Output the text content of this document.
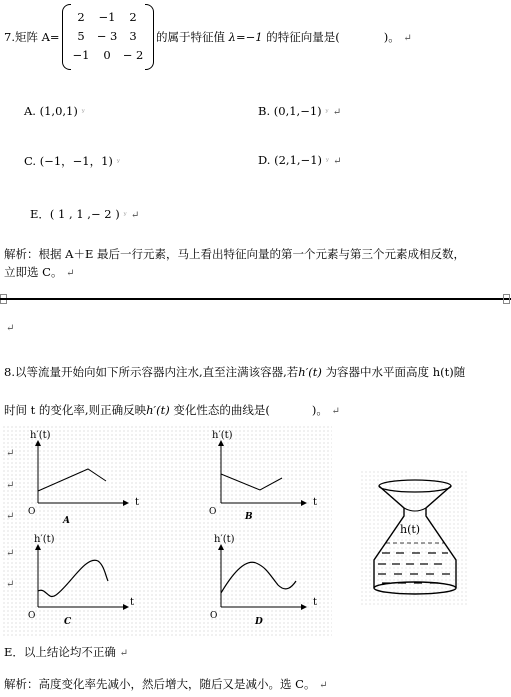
7.矩阵 A=
2	−1	2
5	− 3	3
−1	0	− 2
的属于特征值 λ=−1 的特征向量是(	)。 ↵
A. (1,0,1) ʸ	B. (0,1,−1) ʸ ↵
C. (−1，−1，1) ʸ	D. (2,1,−1) ʸ ↵
E．( 1 , 1 ,− 2 ) ʸ ↵
解析：根据 A＋E 最后一行元素，马上看出特征向量的第一个元素与第三个元素成相反数，
立即选 C。 ↵
↵
8.以等流量开始向如下所示容器内注水,直至注满该容器,若h′(t) 为容器中水平面高度 h(t)随
时间 t 的变化率,则正确反映h′(t) 变化性态的曲线是(	)。 ↵
h′(t)
t
O
A
h′(t)
t
O	B
h′(t)
t
O
C
h′(t)
t
O
D
↵
↵
↵
↵
↵
h(t)
E．以上结论均不正确 ↵
解析：高度变化率先减小，然后增大，随后又是减小。选 C。 ↵
